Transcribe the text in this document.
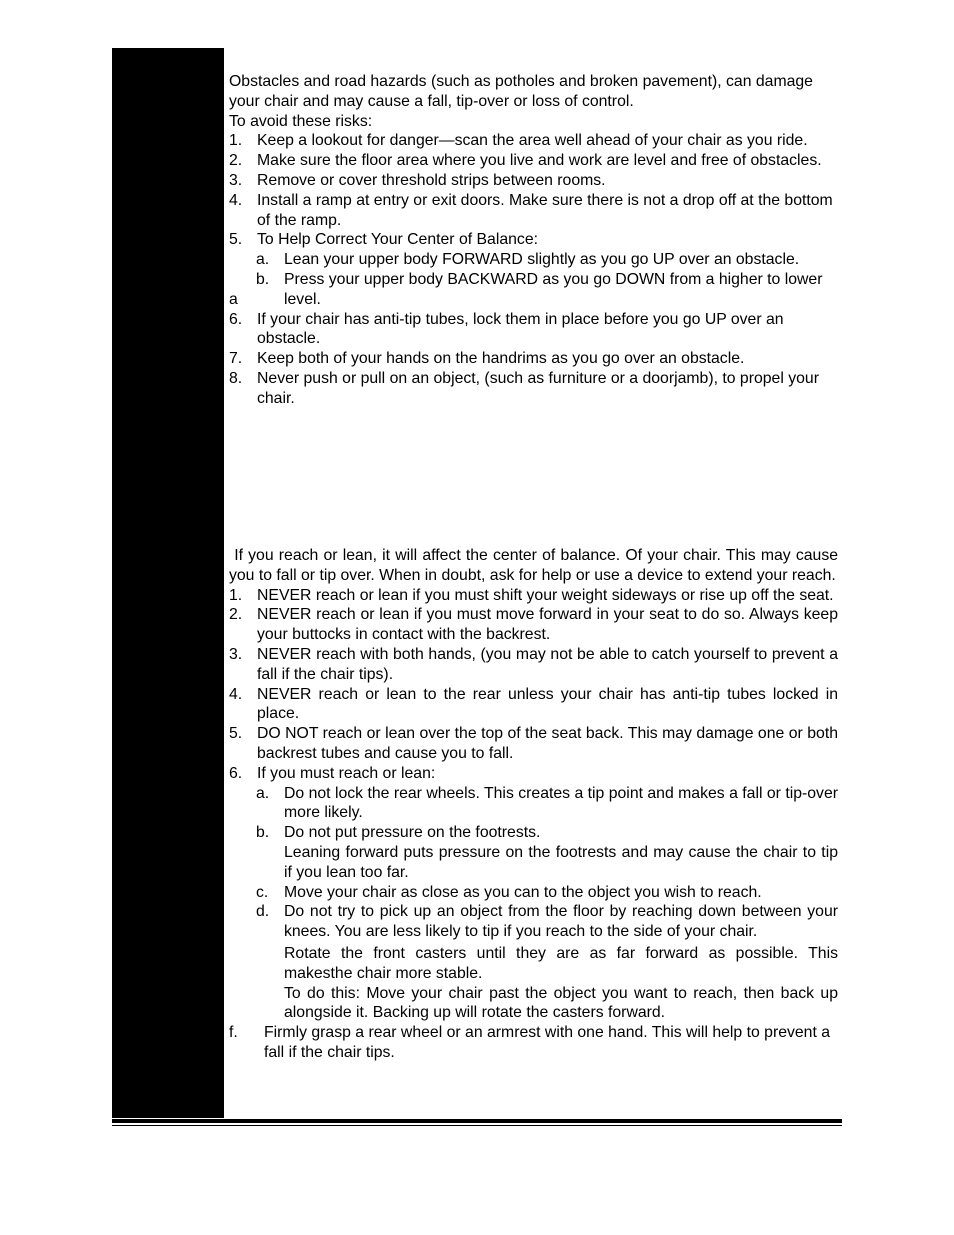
Obstacles and road hazards (such as potholes and broken pavement), can damage your chair and may cause a fall, tip-over or loss of control.

To avoid these risks:

1. Keep a lookout for danger—scan the area well ahead of your chair as you ride.
2. Make sure the floor area where you live and work are level and free of obstacles.
3. Remove or cover threshold strips between rooms.
4. Install a ramp at entry or exit doors. Make sure there is not a drop off at the bottom of the ramp.
5. To Help Correct Your Center of Balance:
a. Lean your upper body FORWARD slightly as you go UP over an obstacle.
a
b. Press your upper body BACKWARD as you go DOWN from a higher to lower level.
6. If your chair has anti-tip tubes, lock them in place before you go UP over an obstacle.
7. Keep both of your hands on the handrims as you go over an obstacle.
8. Never push or pull on an object, (such as furniture or a doorjamb), to propel your chair.

If you reach or lean, it will affect the center of balance. Of your chair. This may cause you to fall or tip over. When in doubt, ask for help or use a device to extend your reach.

1. NEVER reach or lean if you must shift your weight sideways or rise up off the seat.
2. NEVER reach or lean if you must move forward in your seat to do so. Always keep your buttocks in contact with the backrest.
3. NEVER reach with both hands, (you may not be able to catch yourself to prevent a fall if the chair tips).
4. NEVER reach or lean to the rear unless your chair has anti-tip tubes locked in place.
5. DO NOT reach or lean over the top of the seat back. This may damage one or both backrest tubes and cause you to fall.
6. If you must reach or lean:
a. Do not lock the rear wheels. This creates a tip point and makes a fall or tip-over more likely.
b. Do not put pressure on the footrests.
Leaning forward puts pressure on the footrests and may cause the chair to tip if you lean too far.
c. Move your chair as close as you can to the object you wish to reach.
d. Do not try to pick up an object from the floor by reaching down between your knees. You are less likely to tip if you reach to the side of your chair.
Rotate the front casters until they are as far forward as possible. This makesthe chair more stable.
To do this: Move your chair past the object you want to reach, then back up alongside it. Backing up will rotate the casters forward.
f. Firmly grasp a rear wheel or an armrest with one hand. This will help to prevent a fall if the chair tips.
